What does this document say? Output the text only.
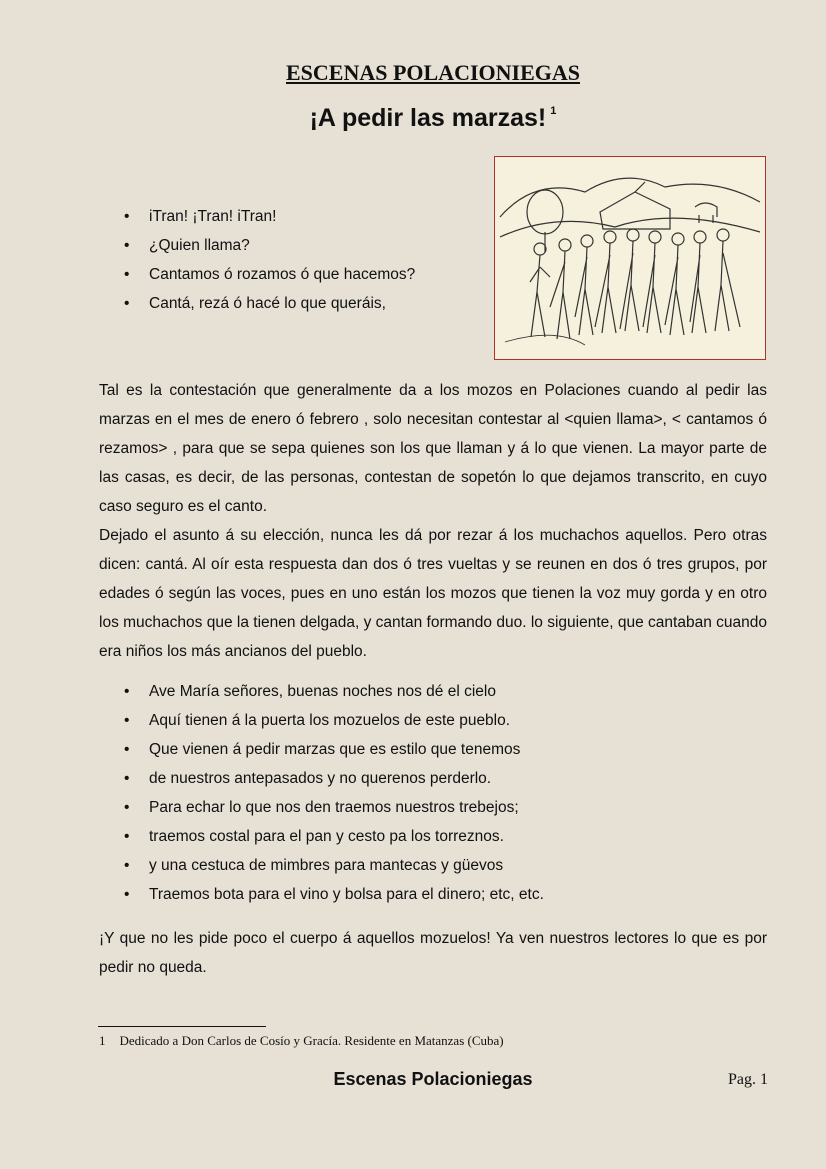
ESCENAS POLACIONIEGAS
¡A pedir las marzas! $^1$
• iTran! ¡Tran! iTran!
• ¿Quien llama?
• Cantamos ó rozamos ó que hacemos?
• Cantá, rezá ó hacé lo que queráis,
Tal es la contestación que generalmente da a los mozos en Polaciones cuando al pedir las marzas en el mes de enero ó febrero , solo necesitan contestar al <quien llama>, < cantamos ó rezamos> , para que se sepa quienes son los que llaman y á lo que vienen. La mayor parte de las casas, es decir, de las personas, contestan de sopetón lo que dejamos transcrito, en cuyo caso seguro es el canto.
Dejado el asunto á su elección, nunca les dá por rezar á los muchachos aquellos. Pero otras dicen: cantá. Al oír esta respuesta dan dos ó tres vueltas y se reunen en dos ó tres grupos, por edades ó según las voces, pues en uno están los mozos que tienen la voz muy gorda y en otro los muchachos que la tienen delgada, y cantan formando duo. lo siguiente, que cantaban cuando era niños los más ancianos del pueblo.
• Ave María señores, buenas noches nos dé el cielo
• Aquí tienen á la puerta los mozuelos de este pueblo.
• Que vienen á pedir marzas que es estilo que tenemos
• de nuestros antepasados y no querenos perderlo.
• Para echar lo que nos den traemos nuestros trebejos;
• traemos costal para el pan y cesto pa los torreznos.
• y una cestuca de mimbres para mantecas y güevos
• Traemos bota para el vino y bolsa para el dinero; etc, etc.

¡Y que no les pide poco el cuerpo á aquellos mozuelos! Ya ven nuestros lectores lo que es por pedir no queda.

1 Dedicado a Don Carlos de Cosío y Gracía. Residente en Matanzas (Cuba)
Escenas Polacioniegas	Pag. 1
